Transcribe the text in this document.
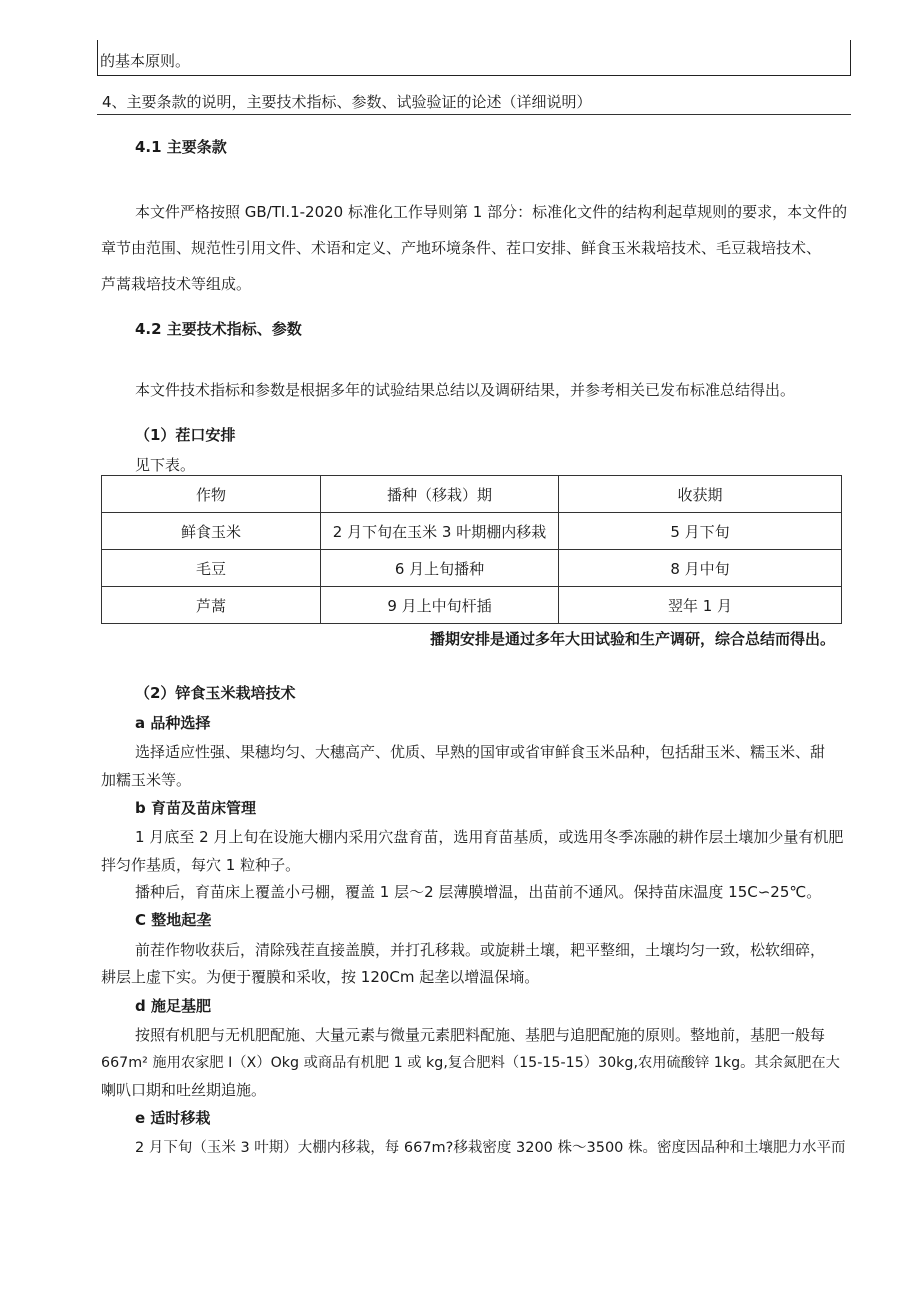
的基本原则。
4、主要条款的说明，主要技术指标、参数、试验验证的论述（详细说明）
4.1 主要条款
本文件严格按照 GB/TI.1-2020 标准化工作导则第 1 部分：标准化文件的结构利起草规则的要求，本文件的
章节由范围、规范性引用文件、术语和定义、产地环境条件、茬口安排、鲜食玉米栽培技术、毛豆栽培技术、
芦蒿栽培技术等组成。
4.2 主要技术指标、参数
本文件技术指标和参数是根据多年的试验结果总结以及调研结果，并参考相关已发布标准总结得出。
（1）茬口安排
见下表。
作物	播种（移栽）期	收获期
鲜食玉米	2 月下旬在玉米 3 叶期棚内移栽	5 月下旬
毛豆	6 月上旬播种	8 月中旬
芦蒿	9 月上中旬杆插	翌年 1 月
播期安排是通过多年大田试验和生产调研，综合总结而得出。
（2）锌食玉米栽培技术
a 品种选择
选择适应性强、果穗均匀、大穗高产、优质、早熟的国审或省审鲜食玉米品种，包括甜玉米、糯玉米、甜
加糯玉米等。
b 育苗及苗床管理
1 月底至 2 月上旬在设施大棚内采用穴盘育苗，选用育苗基质，或选用冬季冻融的耕作层土壤加少量有机肥
拌匀作基质，每穴 1 粒种子。
播种后，育苗床上覆盖小弓棚，覆盖 1 层～2 层薄膜增温，出苗前不通风。保持苗床温度 15C∽25℃。
C 整地起垄
前茬作物收获后，清除残茬直接盖膜，并打孔移栽。或旋耕土壤，耙平整细，土壤均匀一致，松软细碎，
耕层上虚下实。为便于覆膜和采收，按 120Cm 起垄以增温保墒。
d 施足基肥
按照有机肥与无机肥配施、大量元素与微量元素肥料配施、基肥与追肥配施的原则。整地前，基肥一般每
667m² 施用农家肥 I（X）Okg 或商品有机肥 1 或 kg,复合肥料（15-15-15）30kg,农用硫酸锌 1kg。其余氮肥在大
喇叭口期和吐丝期追施。
e 适时移栽
2 月下旬（玉米 3 叶期）大棚内移栽，每 667m?移栽密度 3200 株～3500 株。密度因品种和土壤肥力水平而
